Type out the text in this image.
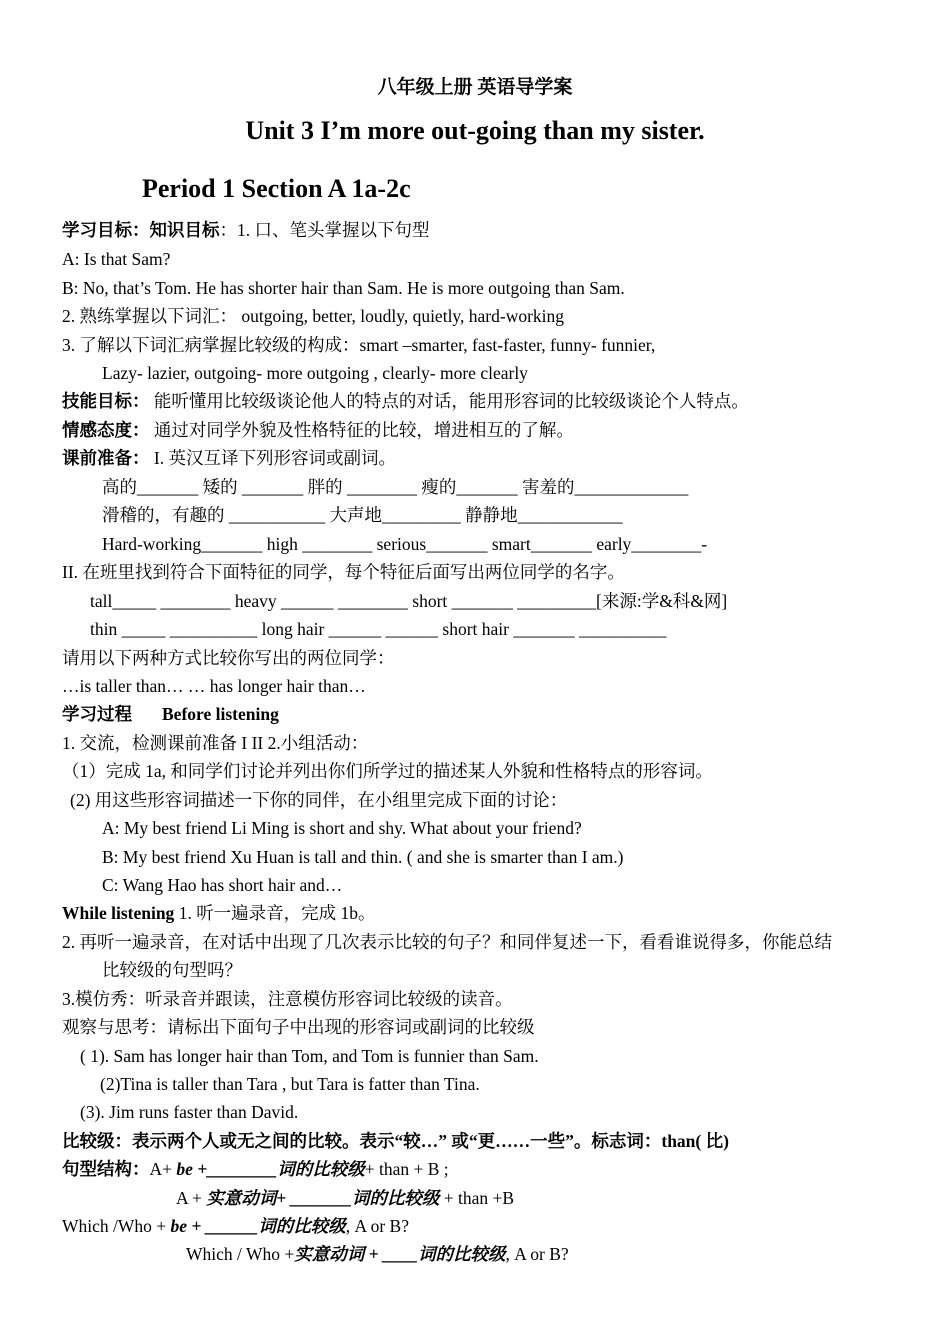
八年级上册 英语导学案
Unit 3 I’m more out-going than my sister.
Period 1 Section A 1a-2c
学习目标：知识目标：1. 口、笔头掌握以下句型
A: Is that Sam?
B: No, that’s Tom. He has shorter hair than Sam. He is more outgoing than Sam.
2. 熟练掌握以下词汇： outgoing, better, loudly, quietly, hard-working
3. 了解以下词汇病掌握比较级的构成：smart –smarter, fast-faster, funny- funnier,
Lazy- lazier, outgoing- more outgoing , clearly- more clearly
技能目标： 能听懂用比较级谈论他人的特点的对话，能用形容词的比较级谈论个人特点。
情感态度： 通过对同学外貌及性格特征的比较，增进相互的了解。
课前准备： I. 英汉互译下列形容词或副词。
高的_______ 矮的 _______ 胖的 ________ 瘦的_______ 害羞的_____________
滑稽的，有趣的 ___________ 大声地_________ 静静地____________
Hard-working_______ high ________ serious_______ smart_______ early________-
II. 在班里找到符合下面特征的同学，每个特征后面写出两位同学的名字。
tall_____ ________ heavy ______ ________ short _______ _________[来源:学&科&网]
thin _____ __________ long hair ______ ______ short hair _______ __________
请用以下两种方式比较你写出的两位同学：
…is taller than… … has longer hair than…
学习过程 Before listening
1. 交流，检测课前准备 I II 2.小组活动：
（1）完成 1a, 和同学们讨论并列出你们所学过的描述某人外貌和性格特点的形容词。
(2) 用这些形容词描述一下你的同伴，在小组里完成下面的讨论：
A: My best friend Li Ming is short and shy. What about your friend?
B: My best friend Xu Huan is tall and thin. ( and she is smarter than I am.)
C: Wang Hao has short hair and…
While listening 1. 听一遍录音，完成 1b。
2. 再听一遍录音，在对话中出现了几次表示比较的句子？和同伴复述一下，看看谁说得多，你能总结
比较级的句型吗？
3.模仿秀：听录音并跟读，注意模仿形容词比较级的读音。
观察与思考：请标出下面句子中出现的形容词或副词的比较级
( 1). Sam has longer hair than Tom, and Tom is funnier than Sam.
(2)Tina is taller than Tara , but Tara is fatter than Tina.
(3). Jim runs faster than David.
比较级：表示两个人或无之间的比较。表示“较…” 或“更……一些”。标志词：than( 比)
句型结构：A+ be +________词的比较级+ than + B ;
A + 实意动词+ _______词的比较级 + than +B
Which /Who + be + ______词的比较级, A or B?
Which / Who +实意动词 + ____词的比较级, A or B?
